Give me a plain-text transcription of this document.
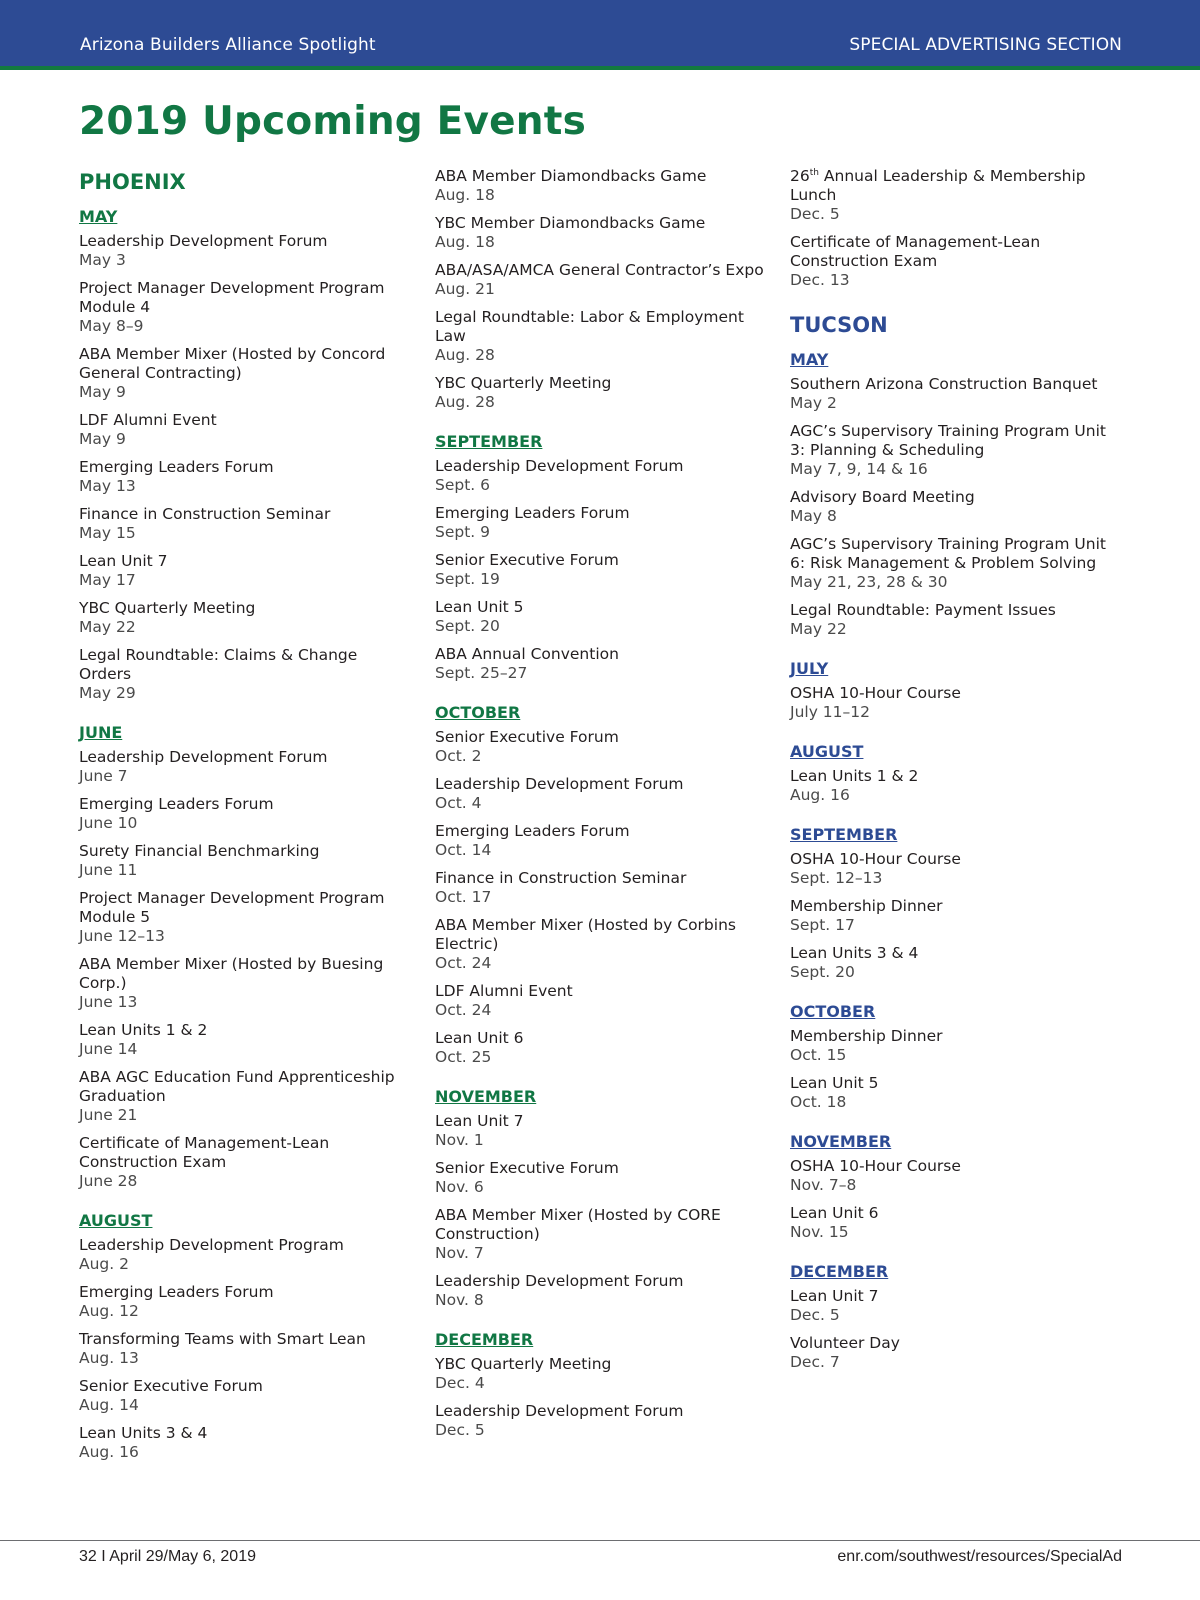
Arizona Builders Alliance Spotlight	SPECIAL ADVERTISING SECTION
2019 Upcoming Events
PHOENIX
MAY
Leadership Development Forum
May 3
Project Manager Development Program Module 4
May 8–9
ABA Member Mixer (Hosted by Concord General Contracting)
May 9
LDF Alumni Event
May 9
Emerging Leaders Forum
May 13
Finance in Construction Seminar
May 15
Lean Unit 7
May 17
YBC Quarterly Meeting
May 22
Legal Roundtable: Claims & Change Orders
May 29
JUNE
Leadership Development Forum
June 7
Emerging Leaders Forum
June 10
Surety Financial Benchmarking
June 11
Project Manager Development Program Module 5
June 12–13
ABA Member Mixer (Hosted by Buesing Corp.)
June 13
Lean Units 1 & 2
June 14
ABA AGC Education Fund Apprenticeship Graduation
June 21
Certificate of Management-Lean Construction Exam
June 28
AUGUST
Leadership Development Program
Aug. 2
Emerging Leaders Forum
Aug. 12
Transforming Teams with Smart Lean
Aug. 13
Senior Executive Forum
Aug. 14
Lean Units 3 & 4
Aug. 16
ABA Member Diamondbacks Game
Aug. 18
YBC Member Diamondbacks Game
Aug. 18
ABA/ASA/AMCA General Contractor’s Expo
Aug. 21
Legal Roundtable: Labor & Employment Law
Aug. 28
YBC Quarterly Meeting
Aug. 28
SEPTEMBER
Leadership Development Forum
Sept. 6
Emerging Leaders Forum
Sept. 9
Senior Executive Forum
Sept. 19
Lean Unit 5
Sept. 20
ABA Annual Convention
Sept. 25–27
OCTOBER
Senior Executive Forum
Oct. 2
Leadership Development Forum
Oct. 4
Emerging Leaders Forum
Oct. 14
Finance in Construction Seminar
Oct. 17
ABA Member Mixer (Hosted by Corbins Electric)
Oct. 24
LDF Alumni Event
Oct. 24
Lean Unit 6
Oct. 25
NOVEMBER
Lean Unit 7
Nov. 1
Senior Executive Forum
Nov. 6
ABA Member Mixer (Hosted by CORE Construction)
Nov. 7
Leadership Development Forum
Nov. 8
DECEMBER
YBC Quarterly Meeting
Dec. 4
Leadership Development Forum
Dec. 5
26th Annual Leadership & Membership Lunch
Dec. 5
Certificate of Management-Lean Construction Exam
Dec. 13
TUCSON
MAY
Southern Arizona Construction Banquet
May 2
AGC’s Supervisory Training Program Unit 3: Planning & Scheduling
May 7, 9, 14 & 16
Advisory Board Meeting
May 8
AGC’s Supervisory Training Program Unit 6: Risk Management & Problem Solving
May 21, 23, 28 & 30
Legal Roundtable: Payment Issues
May 22
JULY
OSHA 10-Hour Course
July 11–12
AUGUST
Lean Units 1 & 2
Aug. 16
SEPTEMBER
OSHA 10-Hour Course
Sept. 12–13
Membership Dinner
Sept. 17
Lean Units 3 & 4
Sept. 20
OCTOBER
Membership Dinner
Oct. 15
Lean Unit 5
Oct. 18
NOVEMBER
OSHA 10-Hour Course
Nov. 7–8
Lean Unit 6
Nov. 15
DECEMBER
Lean Unit 7
Dec. 5
Volunteer Day
Dec. 7
32 I April 29/May 6, 2019	enr.com/southwest/resources/SpecialAd
